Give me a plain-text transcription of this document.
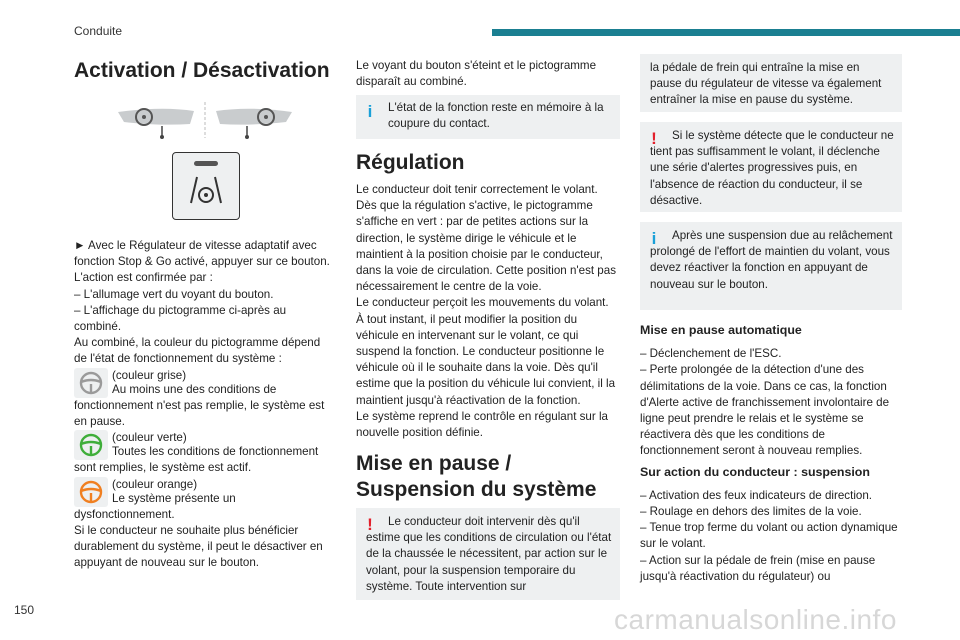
Conduite
Activation / Désactivation

► Avec le Régulateur de vitesse adaptatif avec fonction Stop & Go activé, appuyer sur ce bouton.

L'action est confirmée par :

– L'allumage vert du voyant du bouton.

– L'affichage du pictogramme ci-après au combiné.

Au combiné, la couleur du pictogramme dépend de l'état de fonctionnement du système :

(couleur grise)

Au moins une des conditions de fonctionnement n'est pas remplie, le système est en pause.

(couleur verte)

Toutes les conditions de fonctionnement sont remplies, le système est actif.

(couleur orange)

Le système présente un dysfonctionnement.

Si le conducteur ne souhaite plus bénéficier durablement du système, il peut le désactiver en appuyant de nouveau sur le bouton.

Le voyant du bouton s'éteint et le pictogramme disparaît au combiné.

i	L'état de la fonction reste en mémoire à la coupure du contact.
Régulation

Le conducteur doit tenir correctement le volant.

Dès que la régulation s'active, le pictogramme s'affiche en vert : par de petites actions sur la direction, le système dirige le véhicule et le maintient à la position choisie par le conducteur, dans la voie de circulation. Cette position n'est pas nécessairement le centre de la voie.

Le conducteur perçoit les mouvements du volant.

À tout instant, il peut modifier la position du véhicule en intervenant sur le volant, ce qui suspend la fonction. Le conducteur positionne le véhicule où il le souhaite dans la voie. Dès qu'il estime que la position du véhicule lui convient, il la maintient jusqu'à réactivation de la fonction.

Le système reprend le contrôle en régulant sur la nouvelle position définie.

Mise en pause / Suspension du système
!	Le conducteur doit intervenir dès qu'il estime que les conditions de circulation ou l'état de la chaussée le nécessitent, par action sur le volant, pour la suspension temporaire du système. Toute intervention sur
la pédale de frein qui entraîne la mise en pause du régulateur de vitesse va également entraîner la mise en pause du système.
!	Si le système détecte que le conducteur ne tient pas suffisamment le volant, il déclenche une série d'alertes progressives puis, en l'absence de réaction du conducteur, il se désactive.
i	Après une suspension due au relâchement prolongé de l'effort de maintien du volant, vous devez réactiver la fonction en appuyant de nouveau sur le bouton.
Mise en pause automatique

– Déclenchement de l'ESC.

– Perte prolongée de la détection d'une des délimitations de la voie. Dans ce cas, la fonction d'Alerte active de franchissement involontaire de ligne peut prendre le relais et le système se réactivera dès que les conditions de fonctionnement seront à nouveau remplies.

Sur action du conducteur : suspension

– Activation des feux indicateurs de direction.

– Roulage en dehors des limites de la voie.

– Tenue trop ferme du volant ou action dynamique sur le volant.

– Action sur la pédale de frein (mise en pause jusqu'à réactivation du régulateur) ou

150	carmanualsonline.info
